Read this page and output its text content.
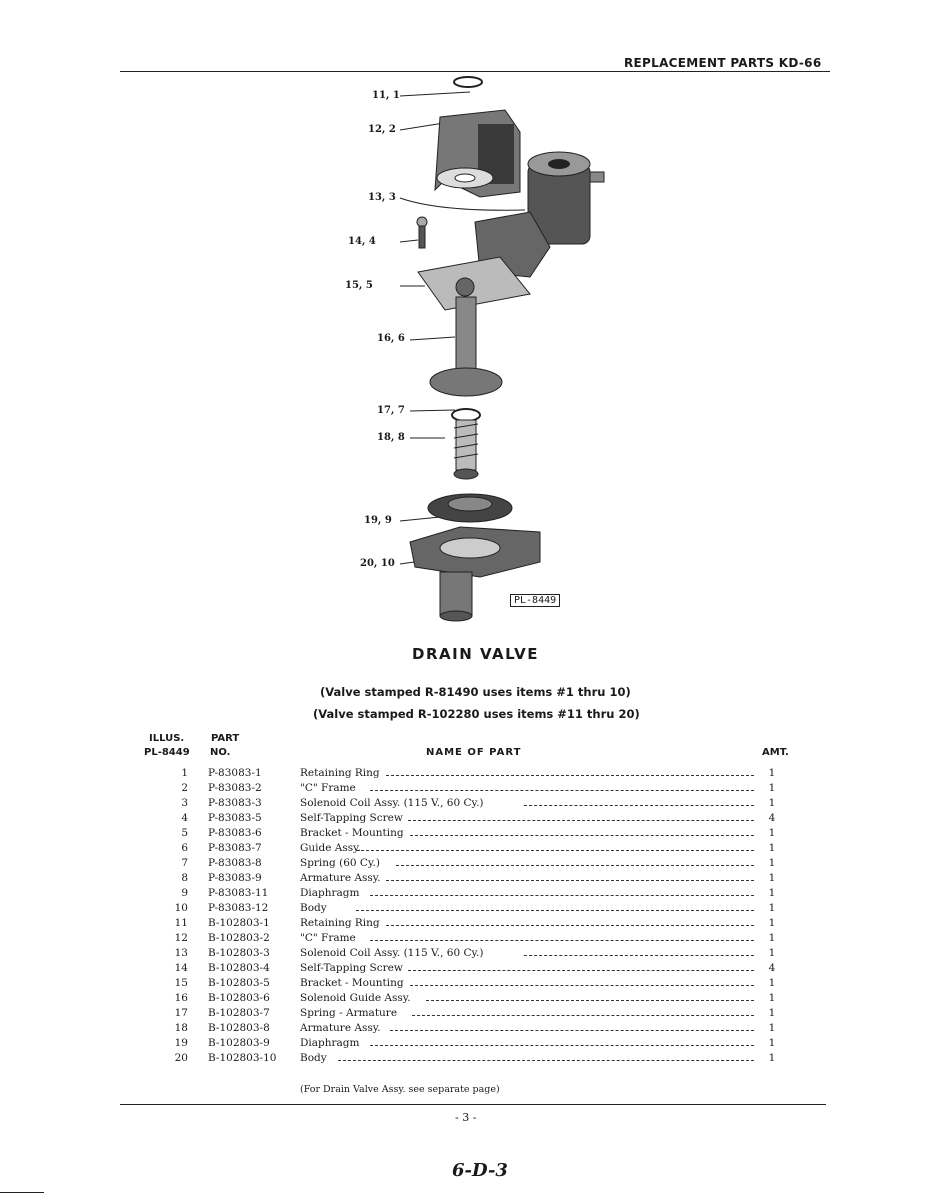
REPLACEMENT PARTS KD-66
11, 1
12, 2
13, 3
14, 4
15, 5
16, 6
17, 7
18, 8
19, 9
20, 10
PL-8449
DRAIN VALVE
(Valve stamped R-81490 uses items #1 thru 10)
(Valve stamped R-102280 uses items #11 thru 20)
ILLUS.
PL-8449
PART
NO.	NAME OF PART	AMT.
1 P-83083-1	Retaining Ring	1
2 P-83083-2	"C" Frame	1
3 P-83083-3	Solenoid Coil Assy. (115 V., 60 Cy.)	1
4 P-83083-5	Self-Tapping Screw	4
5 P-83083-6	Bracket - Mounting	1
6 P-83083-7	Guide Assy.	1
7 P-83083-8	Spring (60 Cy.)	1
8 P-83083-9	Armature Assy.	1
9 P-83083-11	Diaphragm	1
10 P-83083-12	Body	1
11 B-102803-1	Retaining Ring	1
12 B-102803-2	"C" Frame	1
13 B-102803-3	Solenoid Coil Assy. (115 V., 60 Cy.)	1
14 B-102803-4	Self-Tapping Screw	4
15 B-102803-5	Bracket - Mounting	1
16 B-102803-6	Solenoid Guide Assy.	1
17 B-102803-7	Spring - Armature	1
18 B-102803-8	Armature Assy.	1
19 B-102803-9	Diaphragm	1
20 B-102803-10 Body	1
(For Drain Valve Assy. see separate page)
- 3 -
6-D-3
